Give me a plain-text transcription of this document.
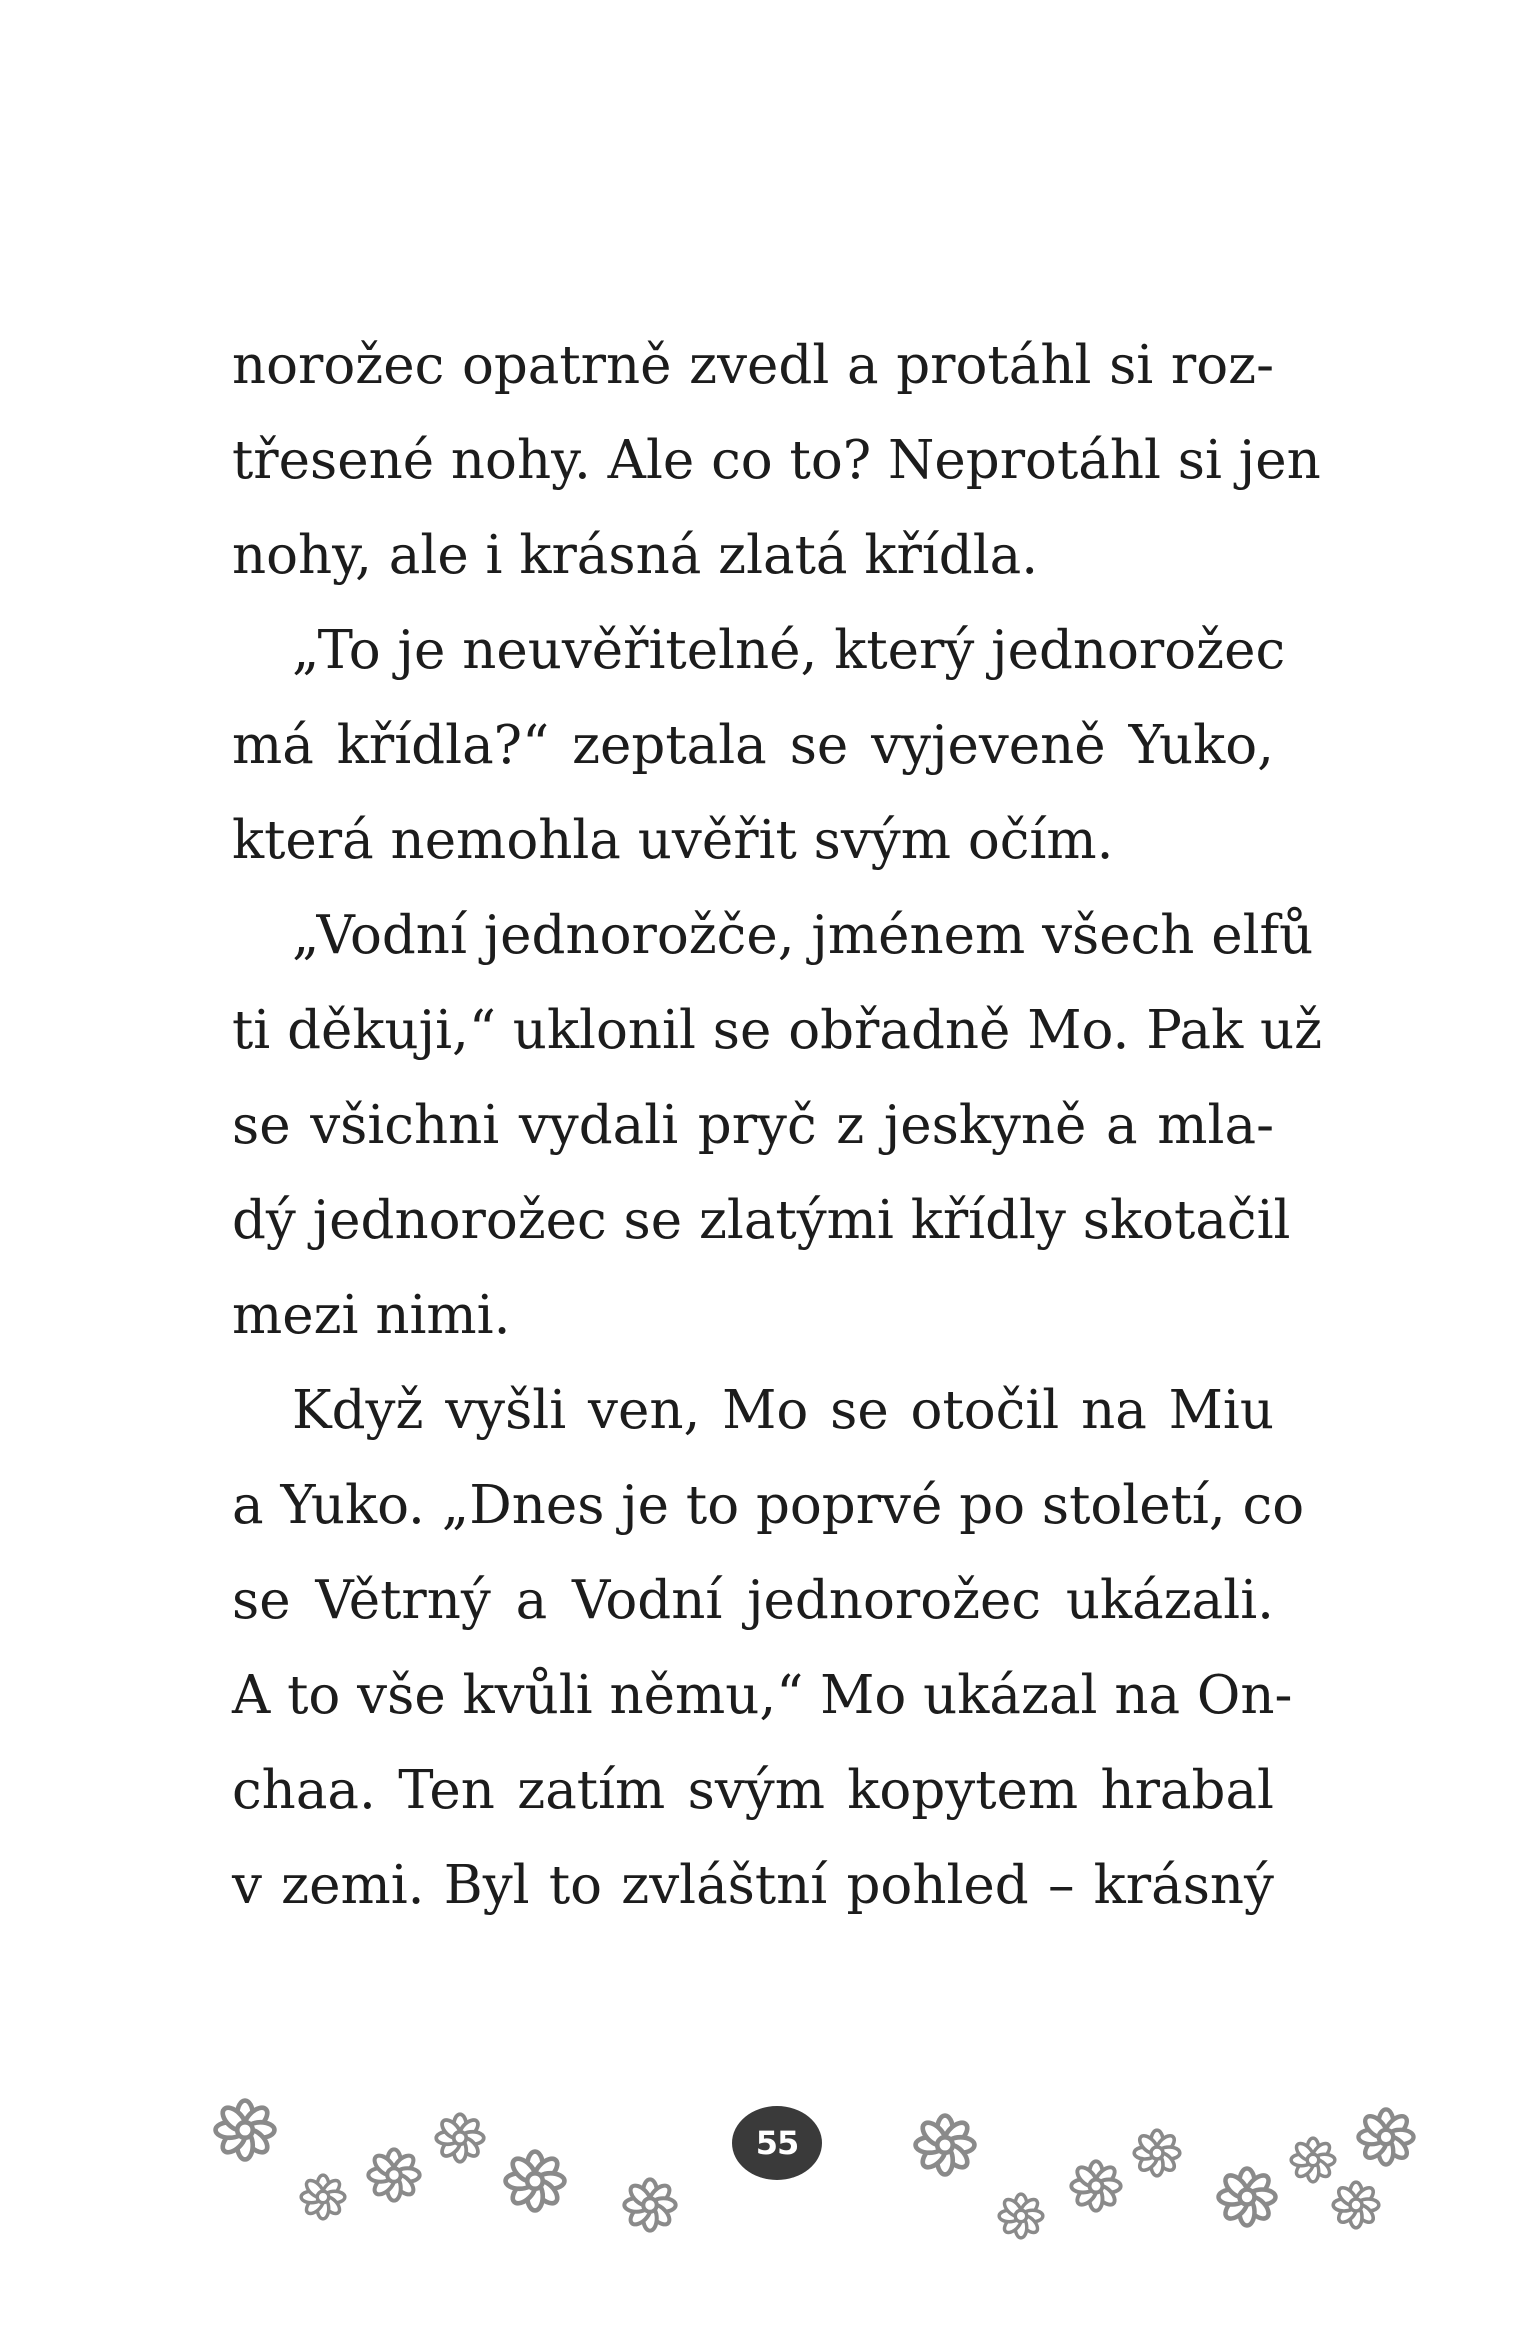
norožec opatrně zvedl a protáhl si roz-
třesené nohy. Ale co to? Neprotáhl si jen
nohy, ale i krásná zlatá křídla.
„To je neuvěřitelné, který jednorožec
má křídla?“ zeptala se vyjeveně Yuko,
která nemohla uvěřit svým očím.
„Vodní jednorožče, jménem všech elfů
ti děkuji,“ uklonil se obřadně Mo. Pak už
se všichni vydali pryč z jeskyně a mla-
dý jednorožec se zlatými křídly skotačil
mezi nimi.
Když vyšli ven, Mo se otočil na Miu
a Yuko. „Dnes je to poprvé po století, co
se Větrný a Vodní jednorožec ukázali.
A to vše kvůli němu,“ Mo ukázal na On-
chaa. Ten zatím svým kopytem hrabal
v zemi. Byl to zvláštní pohled – krásný
55
